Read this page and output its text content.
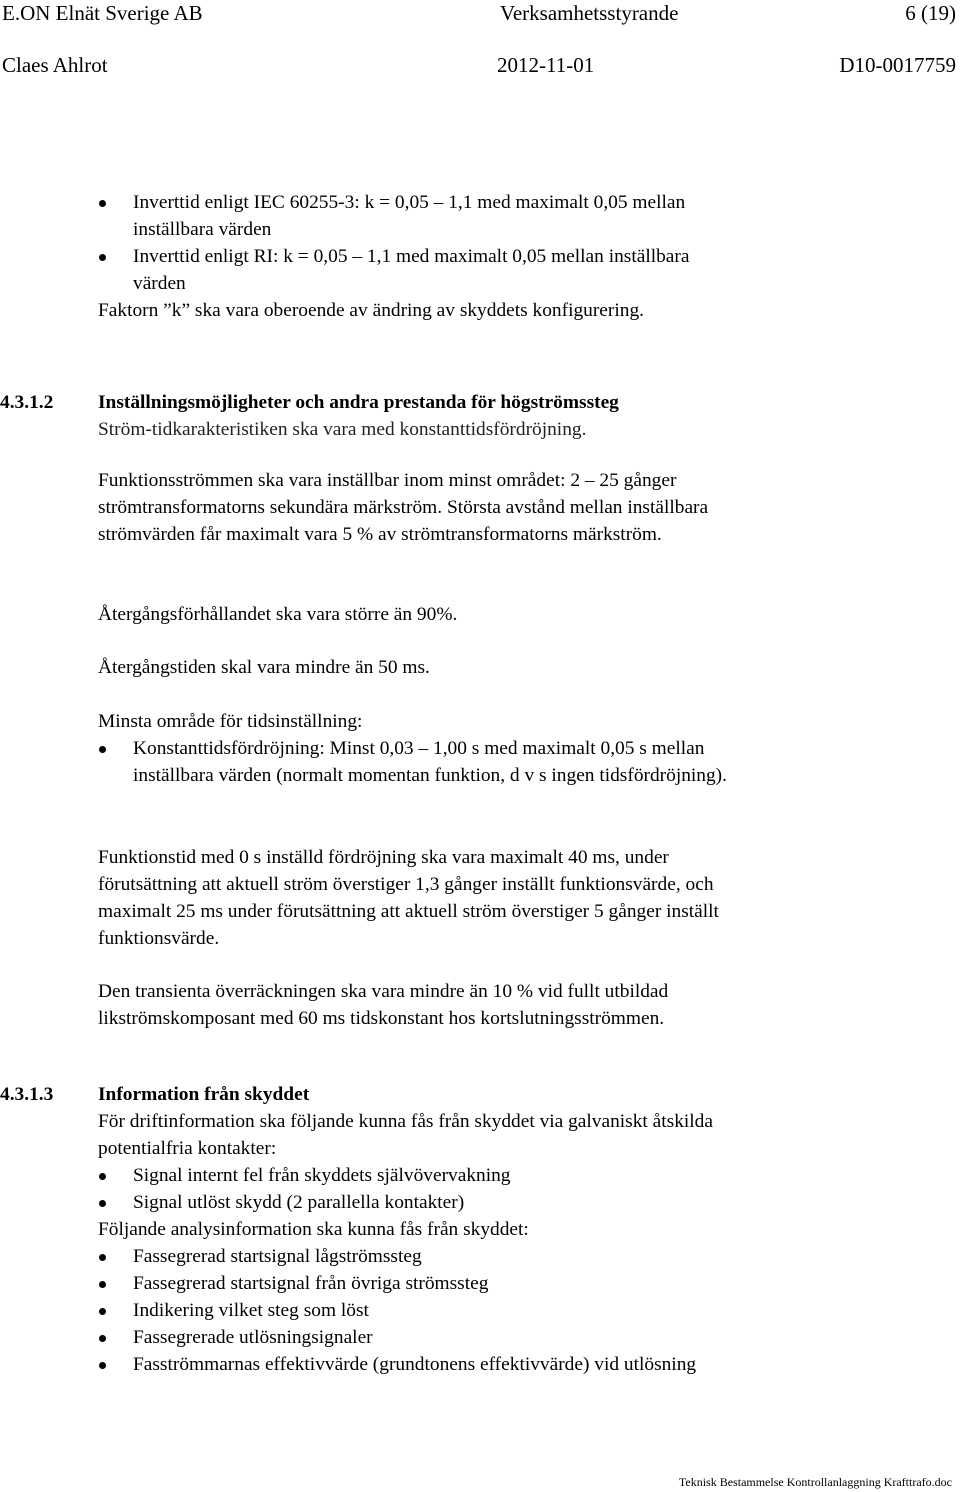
E.ON Elnät Sverige AB	Verksamhetsstyrande	6 (19)
Claes Ahlrot	2012-11-01	D10-0017759
Inverttid enligt IEC 60255-3: k = 0,05 – 1,1 med maximalt 0,05 mellan inställbara värden
Inverttid enligt RI: k = 0,05 – 1,1 med maximalt 0,05 mellan inställbara värden

Faktorn ”k” ska vara oberoende av ändring av skyddets konfigurering.

4.3.1.2 Inställningsmöjligheter och andra prestanda för högströmssteg

Ström-tidkarakteristiken ska vara med konstanttidsfördröjning.

Funktionsströmmen ska vara inställbar inom minst området: 2 – 25 gånger strömtransformatorns sekundära märkström. Största avstånd mellan inställbara strömvärden får maximalt vara 5 % av strömtransformatorns märkström.

Återgångsförhållandet ska vara större än 90%.

Återgångstiden skal vara mindre än 50 ms.

Minsta område för tidsinställning:

Konstanttidsfördröjning: Minst 0,03 – 1,00 s med maximalt 0,05 s mellan inställbara värden (normalt momentan funktion, d v s ingen tidsfördröjning).

Funktionstid med 0 s inställd fördröjning ska vara maximalt 40 ms, under förutsättning att aktuell ström överstiger 1,3 gånger inställt funktionsvärde, och maximalt 25 ms under förutsättning att aktuell ström överstiger 5 gånger inställt funktionsvärde.

Den transienta överräckningen ska vara mindre än 10 % vid fullt utbildad likströmskomposant med 60 ms tidskonstant hos kortslutningsströmmen.

4.3.1.3 Information från skyddet

För driftinformation ska följande kunna fås från skyddet via galvaniskt åtskilda potentialfria kontakter:

Signal internt fel från skyddets självövervakning
Signal utlöst skydd (2 parallella kontakter)

Följande analysinformation ska kunna fås från skyddet:

Fassegrerad startsignal lågströmssteg
Fassegrerad startsignal från övriga strömssteg
Indikering vilket steg som löst
Fassegrerade utlösningsignaler
Fasströmmarnas effektivvärde (grundtonens effektivvärde) vid utlösning
Teknisk Bestammelse Kontrollanlaggning Krafttrafo.doc
